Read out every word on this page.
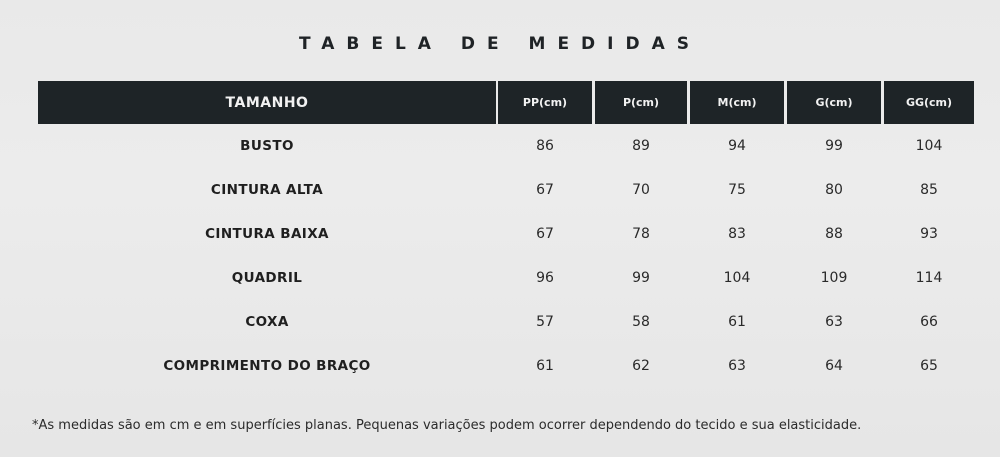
TABELA DE MEDIDAS
TAMANHO	PP(cm)	P(cm)	M(cm)	G(cm)	GG(cm)
BUSTO	86	89	94	99	104
CINTURA ALTA	67	70	75	80	85
CINTURA BAIXA	67	78	83	88	93
QUADRIL	96	99	104	109	114
COXA	57	58	61	63	66
COMPRIMENTO DO BRAÇO	61	62	63	64	65
*As medidas são em cm e em superfícies planas. Pequenas variações podem ocorrer dependendo do tecido e sua elasticidade.
